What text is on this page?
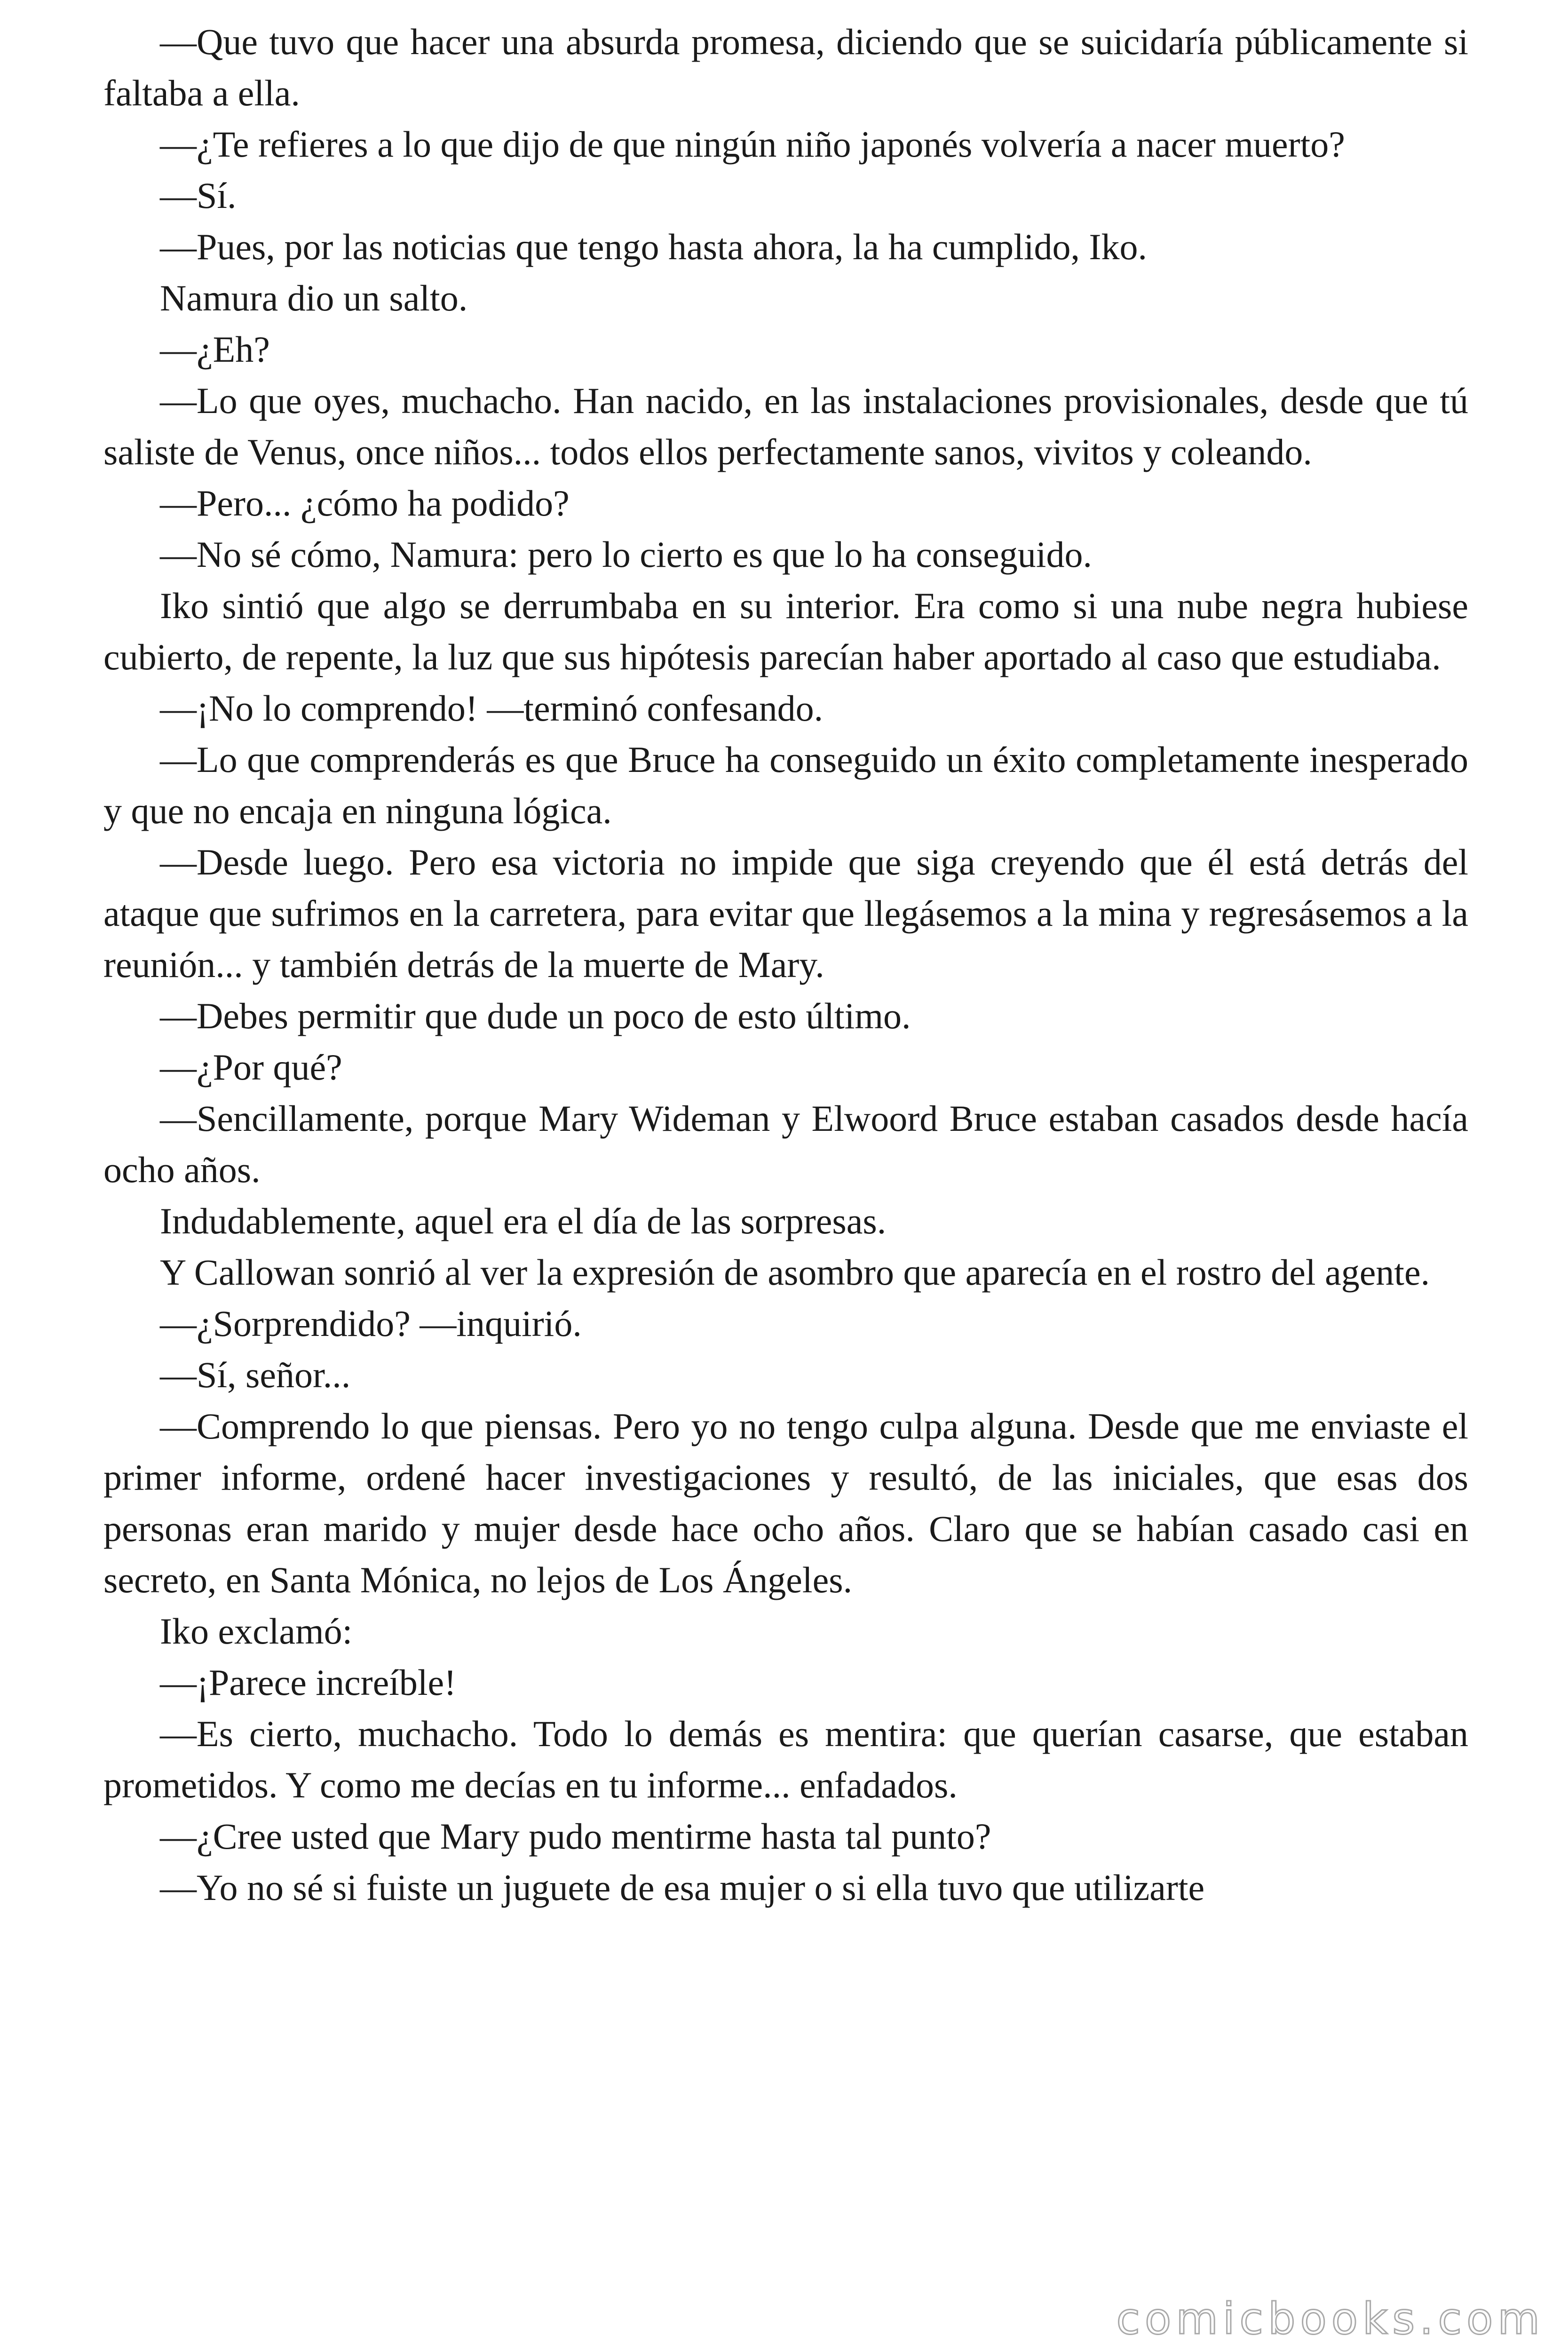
—Que tuvo que hacer una absurda promesa, diciendo que se suicidaría públicamente si faltaba a ella.

—¿Te refieres a lo que dijo de que ningún niño japonés volvería a nacer muerto?

—Sí.

—Pues, por las noticias que tengo hasta ahora, la ha cumplido, Iko.

Namura dio un salto.

—¿Eh?

—Lo que oyes, muchacho. Han nacido, en las instalaciones provisionales, desde que tú saliste de Venus, once niños... todos ellos perfectamente sanos, vivitos y coleando.

—Pero... ¿cómo ha podido?

—No sé cómo, Namura: pero lo cierto es que lo ha conseguido.

Iko sintió que algo se derrumbaba en su interior. Era como si una nube negra hubiese cubierto, de repente, la luz que sus hipótesis parecían haber aportado al caso que estudiaba.

—¡No lo comprendo! —terminó confesando.

—Lo que comprenderás es que Bruce ha conseguido un éxito completamente inesperado y que no encaja en ninguna lógica.

—Desde luego. Pero esa victoria no impide que siga creyendo que él está detrás del ataque que sufrimos en la carretera, para evitar que llegásemos a la mina y regresásemos a la reunión... y también detrás de la muerte de Mary.

—Debes permitir que dude un poco de esto último.

—¿Por qué?

—Sencillamente, porque Mary Wideman y Elwoord Bruce estaban casados desde hacía ocho años.

Indudablemente, aquel era el día de las sorpresas.

Y Callowan sonrió al ver la expresión de asombro que aparecía en el rostro del agente.

—¿Sorprendido? —inquirió.

—Sí, señor...

—Comprendo lo que piensas. Pero yo no tengo culpa alguna. Desde que me enviaste el primer informe, ordené hacer investigaciones y resultó, de las iniciales, que esas dos personas eran marido y mujer desde hace ocho años. Claro que se habían casado casi en secreto, en Santa Mónica, no lejos de Los Ángeles.

Iko exclamó:

—¡Parece increíble!

—Es cierto, muchacho. Todo lo demás es mentira: que querían casarse, que estaban prometidos. Y como me decías en tu informe... enfadados.

—¿Cree usted que Mary pudo mentirme hasta tal punto?

—Yo no sé si fuiste un juguete de esa mujer o si ella tuvo que utilizarte

comicbooks.com
